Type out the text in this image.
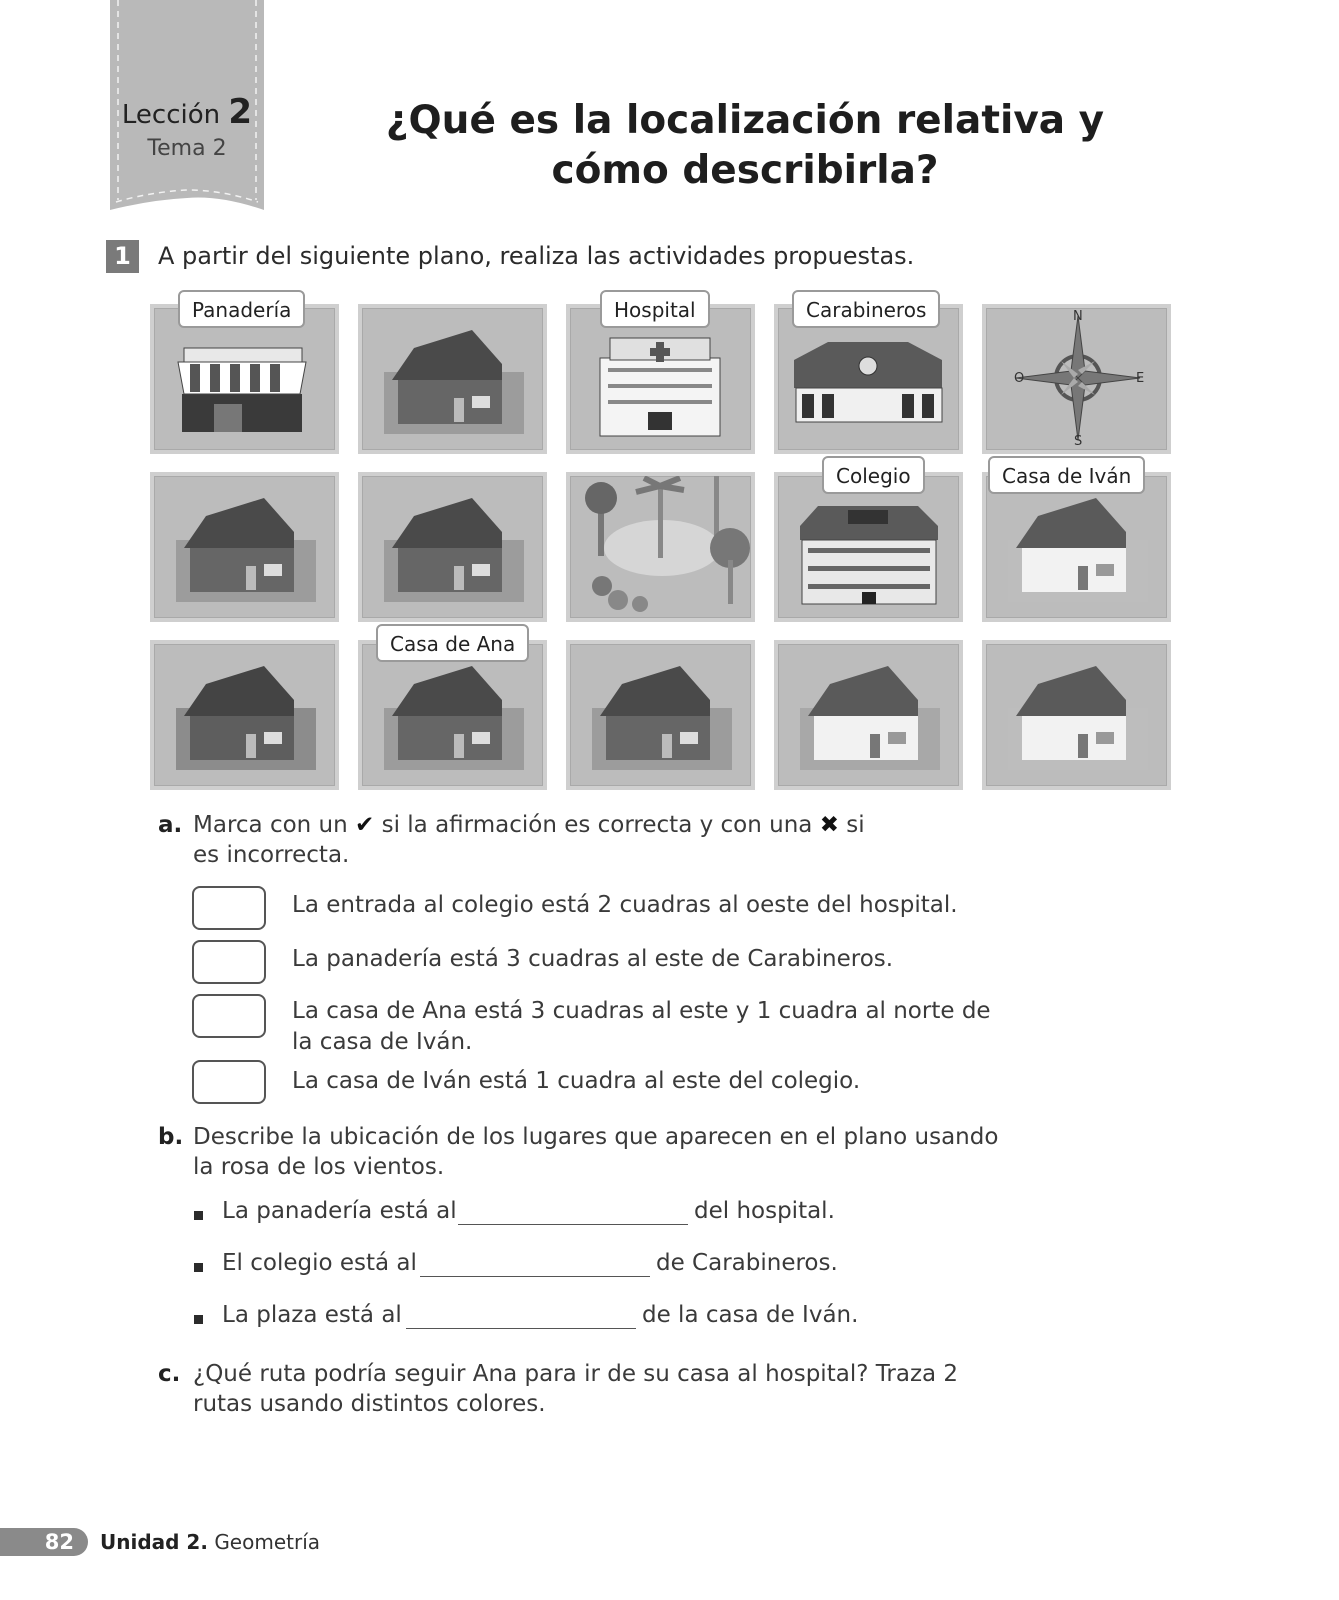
Lección 2
Tema 2
¿Qué es la localización relativa y cómo describirla?
1	A partir del siguiente plano, realiza las actividades propuestas.
N
S
E
O
Panadería	Hospital	Carabineros
Colegio	Casa de Iván
Casa de Ana
a. Marca con un ✔ si la afirmación es correcta y con una ✖ si es incorrecta.
La entrada al colegio está 2 cuadras al oeste del hospital.
La panadería está 3 cuadras al este de Carabineros.
La casa de Ana está 3 cuadras al este y 1 cuadra al norte de la casa de Iván.
La casa de Iván está 1 cuadra al este del colegio.
b. Describe la ubicación de los lugares que aparecen en el plano usando la rosa de los vientos.
La panadería está al	del hospital.
El colegio está al	de Carabineros.
La plaza está al	de la casa de Iván.
c. ¿Qué ruta podría seguir Ana para ir de su casa al hospital? Traza 2 rutas usando distintos colores.
82	Unidad 2. Geometría
